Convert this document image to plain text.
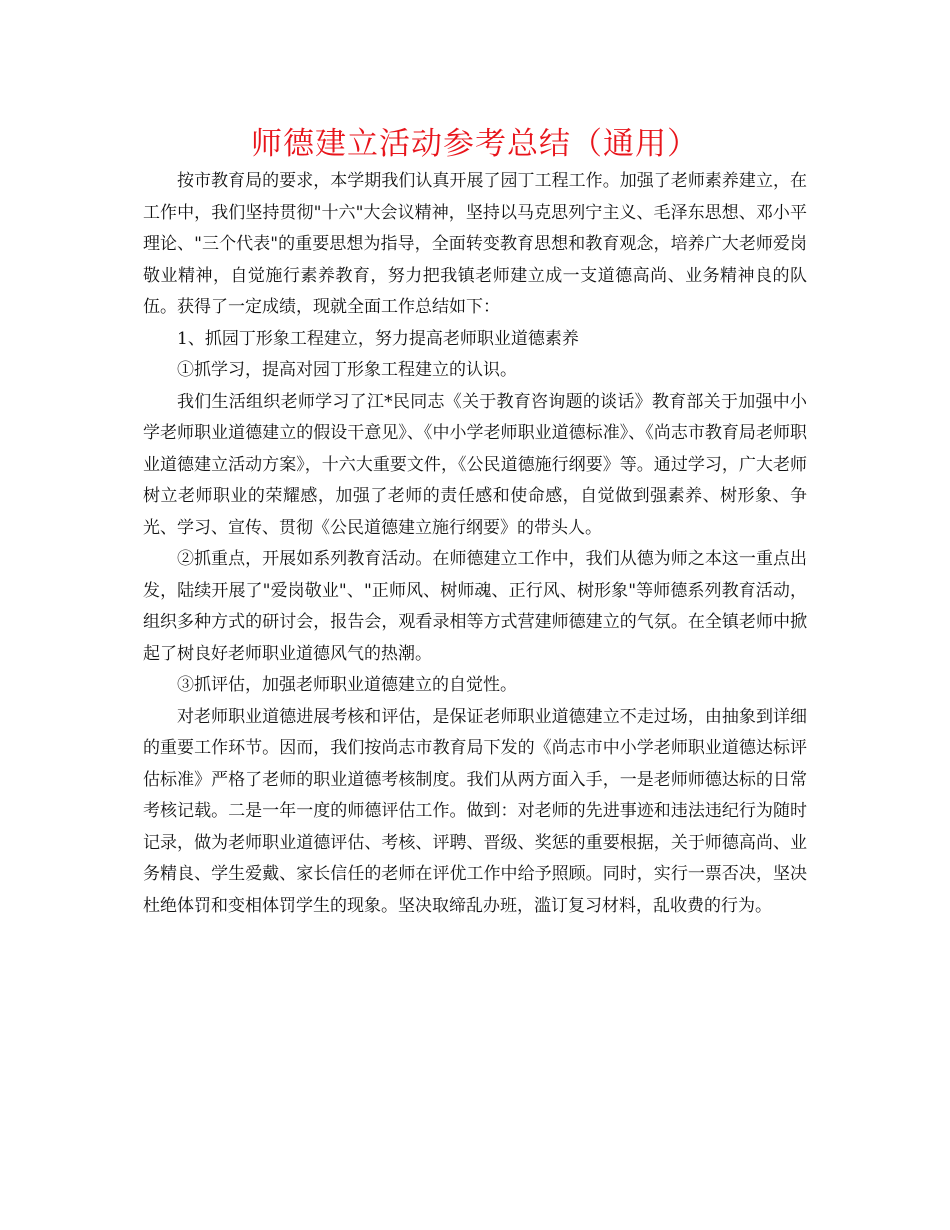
师德建立活动参考总结（通用）

按市教育局的要求，本学期我们认真开展了园丁工程工作。加强了老师素养建立，在工作中，我们坚持贯彻"十六"大会议精神，坚持以马克思列宁主义、毛泽东思想、邓小平理论、"三个代表"的重要思想为指导，全面转变教育思想和教育观念，培养广大老师爱岗敬业精神，自觉施行素养教育，努力把我镇老师建立成一支道德高尚、业务精神良的队伍。获得了一定成绩，现就全面工作总结如下：

1、抓园丁形象工程建立，努力提高老师职业道德素养

①抓学习，提高对园丁形象工程建立的认识。

我们生活组织老师学习了江*民同志《关于教育咨询题的谈话》教育部关于加强中小学老师职业道德建立的假设干意见》、《中小学老师职业道德标准》、《尚志市教育局老师职业道德建立活动方案》，十六大重要文件，《公民道德施行纲要》等。通过学习，广大老师树立老师职业的荣耀感，加强了老师的责任感和使命感，自觉做到强素养、树形象、争光、学习、宣传、贯彻《公民道德建立施行纲要》的带头人。

②抓重点，开展如系列教育活动。在师德建立工作中，我们从德为师之本这一重点出发，陆续开展了"爱岗敬业"、"正师风、树师魂、正行风、树形象"等师德系列教育活动，组织多种方式的研讨会，报告会，观看录相等方式营建师德建立的气氛。在全镇老师中掀起了树良好老师职业道德风气的热潮。

③抓评估，加强老师职业道德建立的自觉性。

对老师职业道德进展考核和评估，是保证老师职业道德建立不走过场，由抽象到详细的重要工作环节。因而，我们按尚志市教育局下发的《尚志市中小学老师职业道德达标评估标准》严格了老师的职业道德考核制度。我们从两方面入手，一是老师师德达标的日常考核记载。二是一年一度的师德评估工作。做到：对老师的先进事迹和违法违纪行为随时记录，做为老师职业道德评估、考核、评聘、晋级、奖惩的重要根据，关于师德高尚、业务精良、学生爱戴、家长信任的老师在评优工作中给予照顾。同时，实行一票否决，坚决杜绝体罚和变相体罚学生的现象。坚决取缔乱办班，滥订复习材料，乱收费的行为。
